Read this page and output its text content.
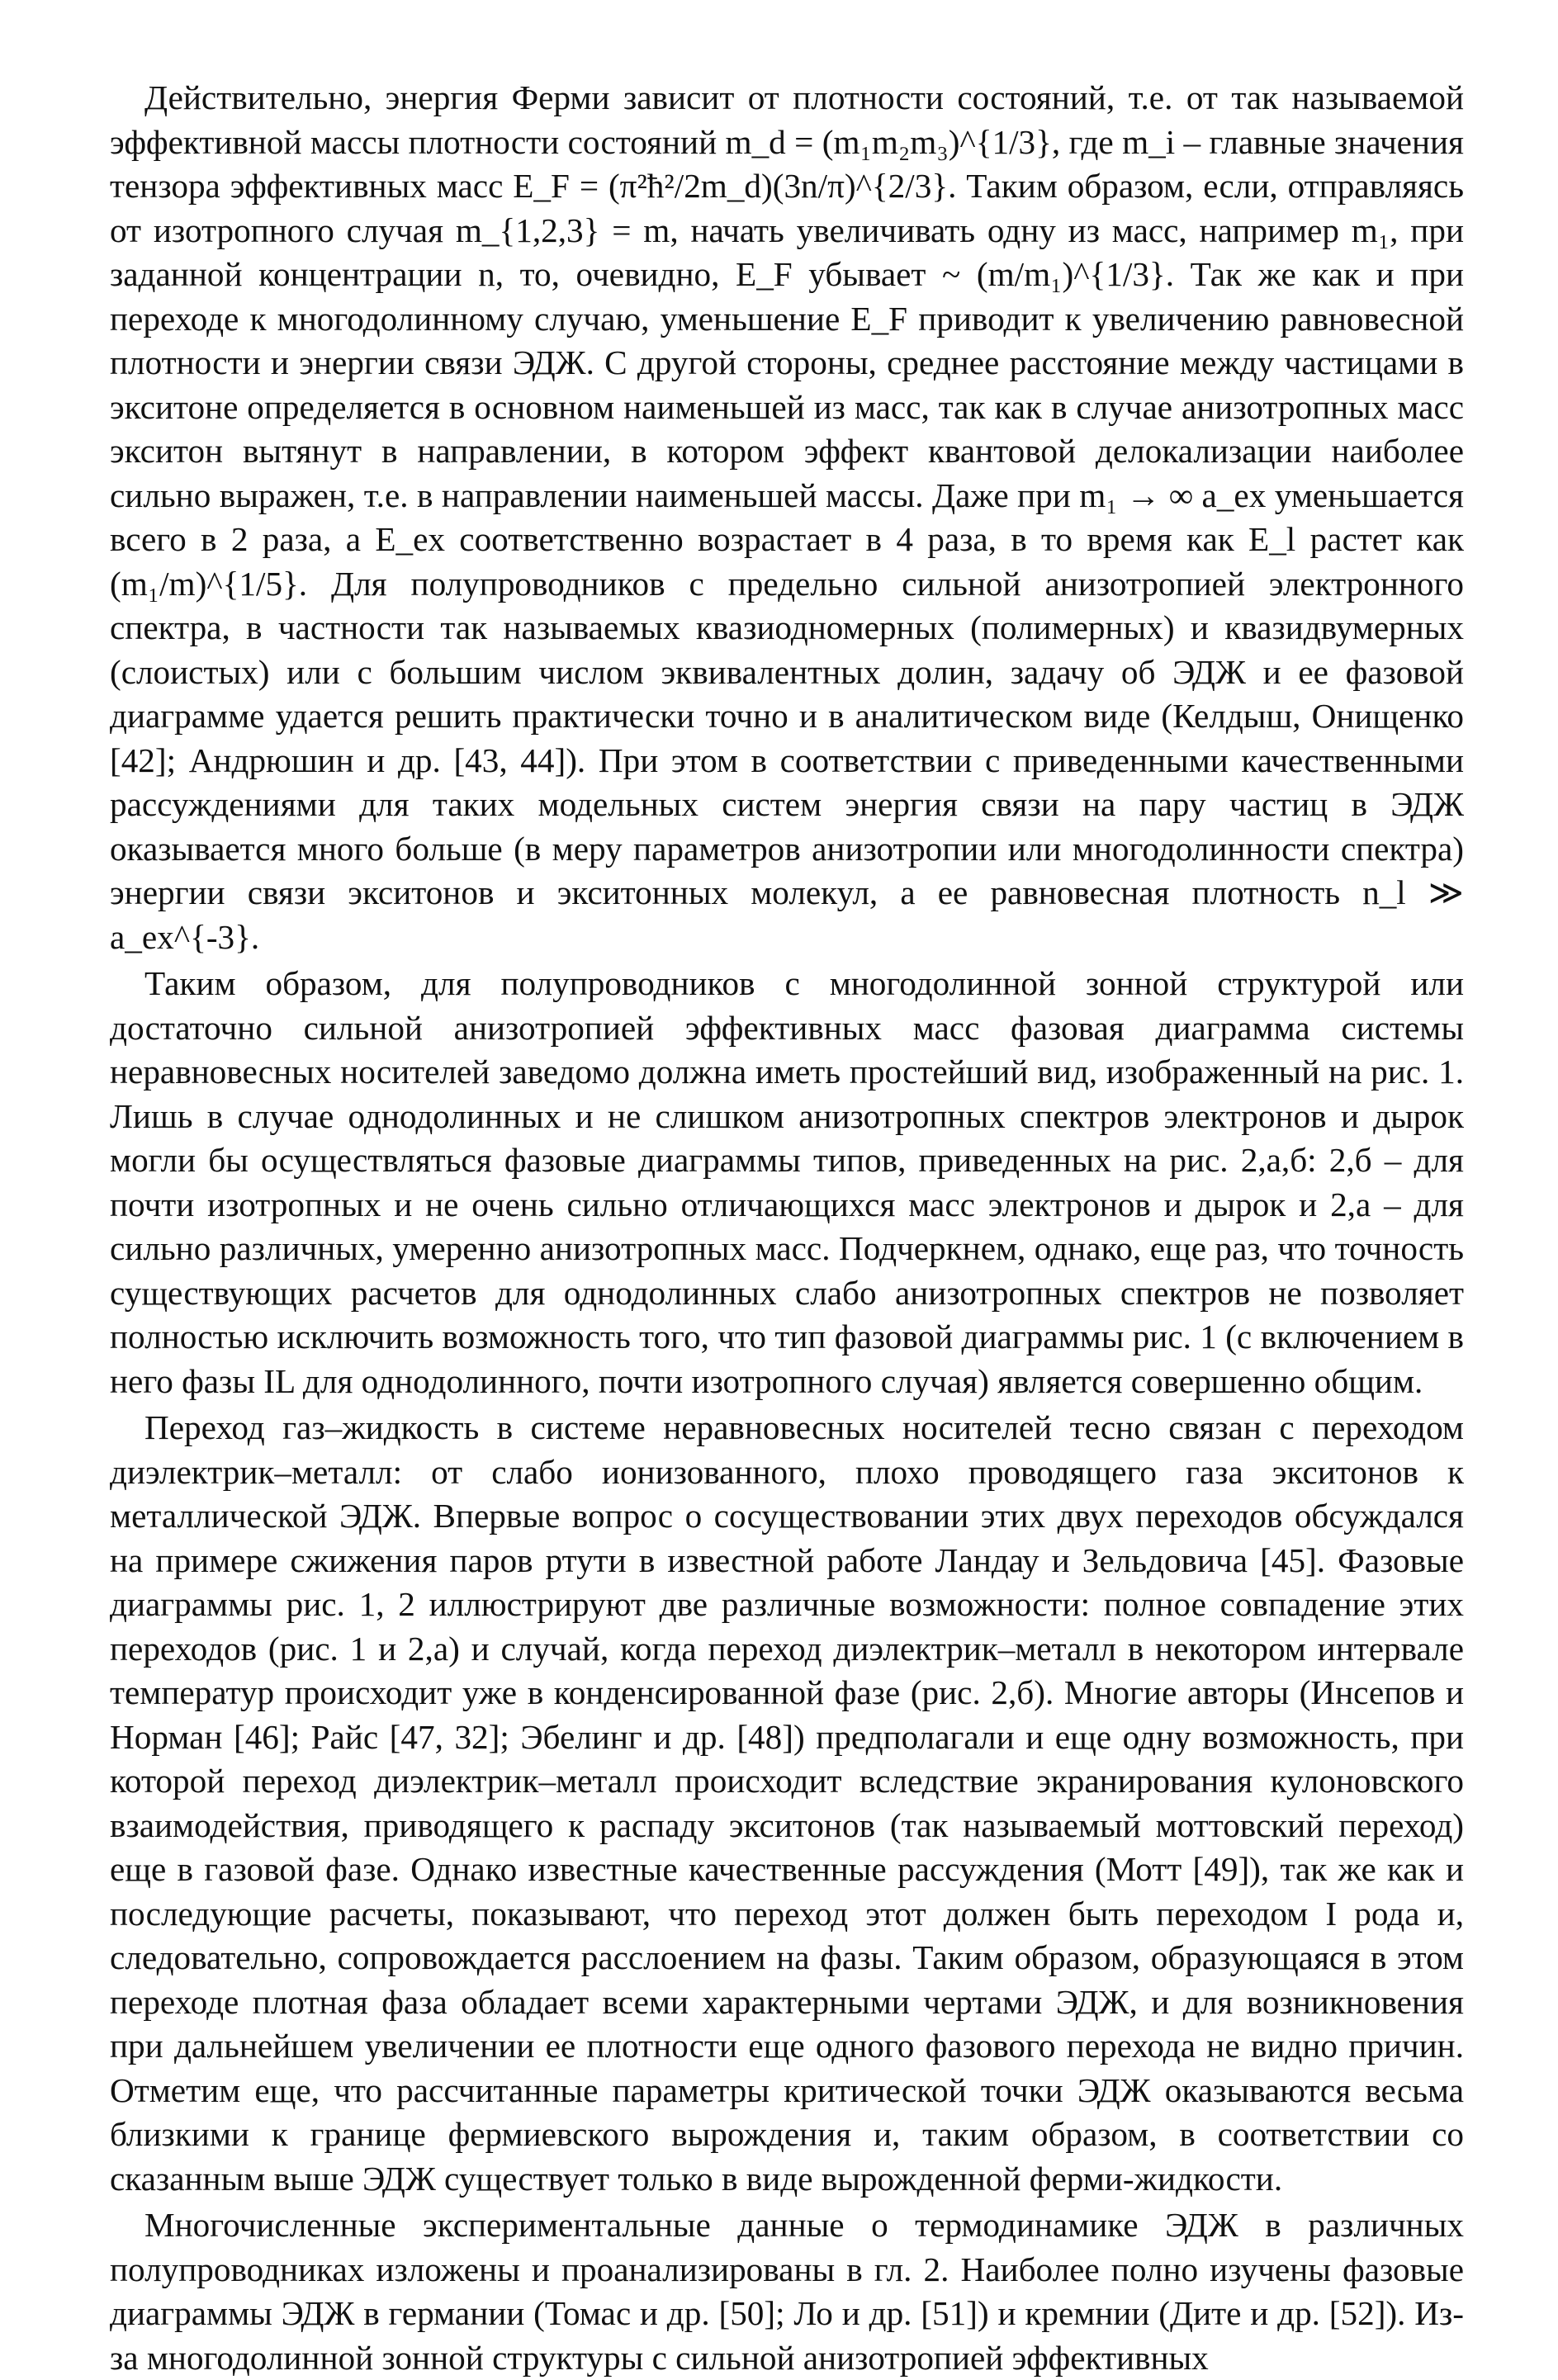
Действительно, энергия Ферми зависит от плотности состояний, т.е. от так называемой эффективной массы плотности состояний m_d = (m₁m₂m₃)^{1/3}, где m_i – главные значения тензора эффективных масс E_F = (π²ħ²/2m_d)(3n/π)^{2/3}. Таким образом, если, отправляясь от изотропного случая m_{1,2,3} = m, начать увеличивать одну из масс, например m₁, при заданной концентрации n, то, очевидно, E_F убывает ~ (m/m₁)^{1/3}. Так же как и при переходе к многодолинному случаю, уменьшение E_F приводит к увеличению равновесной плотности и энергии связи ЭДЖ. С другой стороны, среднее расстояние между частицами в экситоне определяется в основном наименьшей из масс, так как в случае анизотропных масс экситон вытянут в направлении, в котором эффект квантовой делокализации наиболее сильно выражен, т.е. в направлении наименьшей массы. Даже при m₁ → ∞ a_ex уменьшается всего в 2 раза, а E_ex соответственно возрастает в 4 раза, в то время как E_l растет как (m₁/m)^{1/5}. Для полупроводников с предельно сильной анизотропией электронного спектра, в частности так называемых квазиодномерных (полимерных) и квазидвумерных (слоистых) или с большим числом эквивалентных долин, задачу об ЭДЖ и ее фазовой диаграмме удается решить практически точно и в аналитическом виде (Келдыш, Онищенко [42]; Андрюшин и др. [43, 44]). При этом в соответствии с приведенными качественными рассуждениями для таких модельных систем энергия связи на пару частиц в ЭДЖ оказывается много больше (в меру параметров анизотропии или многодолинности спектра) энергии связи экситонов и экситонных молекул, а ее равновесная плотность n_l ≫ a_ex^{-3}.

Таким образом, для полупроводников с многодолинной зонной структурой или достаточно сильной анизотропией эффективных масс фазовая диаграмма системы неравновесных носителей заведомо должна иметь простейший вид, изображенный на рис. 1. Лишь в случае однодолинных и не слишком анизотропных спектров электронов и дырок могли бы осуществляться фазовые диаграммы типов, приведенных на рис. 2,а,б: 2,б – для почти изотропных и не очень сильно отличающихся масс электронов и дырок и 2,а – для сильно различных, умеренно анизотропных масс. Подчеркнем, однако, еще раз, что точность существующих расчетов для однодолинных слабо анизотропных спектров не позволяет полностью исключить возможность того, что тип фазовой диаграммы рис. 1 (с включением в него фазы IL для однодолинного, почти изотропного случая) является совершенно общим.

Переход газ–жидкость в системе неравновесных носителей тесно связан с переходом диэлектрик–металл: от слабо ионизованного, плохо проводящего газа экситонов к металлической ЭДЖ. Впервые вопрос о сосуществовании этих двух переходов обсуждался на примере сжижения паров ртути в известной работе Ландау и Зельдовича [45]. Фазовые диаграммы рис. 1, 2 иллюстрируют две различные возможности: полное совпадение этих переходов (рис. 1 и 2,а) и случай, когда переход диэлектрик–металл в некотором интервале температур происходит уже в конденсированной фазе (рис. 2,б). Многие авторы (Инсепов и Норман [46]; Райс [47, 32]; Эбелинг и др. [48]) предполагали и еще одну возможность, при которой переход диэлектрик–металл происходит вследствие экранирования кулоновского взаимодействия, приводящего к распаду экситонов (так называемый моттовский переход) еще в газовой фазе. Однако известные качественные рассуждения (Мотт [49]), так же как и последующие расчеты, показывают, что переход этот должен быть переходом I рода и, следовательно, сопровождается расслоением на фазы. Таким образом, образующаяся в этом переходе плотная фаза обладает всеми характерными чертами ЭДЖ, и для возникновения при дальнейшем увеличении ее плотности еще одного фазового перехода не видно причин. Отметим еще, что рассчитанные параметры критической точки ЭДЖ оказываются весьма близкими к границе фермиевского вырождения и, таким образом, в соответствии со сказанным выше ЭДЖ существует только в виде вырожденной ферми-жидкости.

Многочисленные экспериментальные данные о термодинамике ЭДЖ в различных полупроводниках изложены и проанализированы в гл. 2. Наиболее полно изучены фазовые диаграммы ЭДЖ в германии (Томас и др. [50]; Ло и др. [51]) и кремнии (Дите и др. [52]). Из-за многодолинной зонной структуры с сильной анизотропией эффективных
